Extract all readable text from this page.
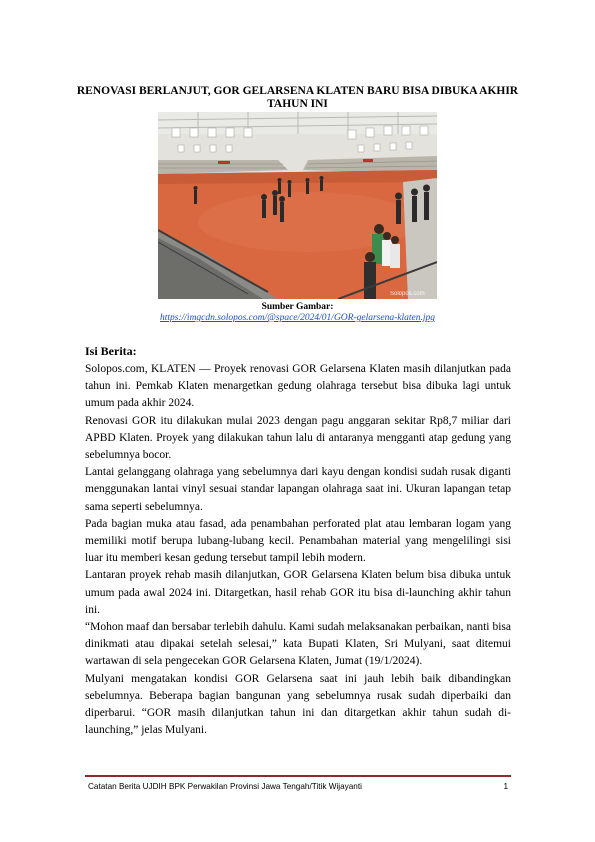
RENOVASI BERLANJUT, GOR GELARSENA KLATEN BARU BISA DIBUKA AKHIR TAHUN INI
Solopos.com
Sumber Gambar:
https://imgcdn.solopos.com/@space/2024/01/GOR-gelarsena-klaten.jpg
Isi Berita:

Solopos.com, KLATEN — Proyek renovasi GOR Gelarsena Klaten masih dilanjutkan pada tahun ini. Pemkab Klaten menargetkan gedung olahraga tersebut bisa dibuka lagi untuk umum pada akhir 2024.

Renovasi GOR itu dilakukan mulai 2023 dengan pagu anggaran sekitar Rp8,7 miliar dari APBD Klaten. Proyek yang dilakukan tahun lalu di antaranya mengganti atap gedung yang sebelumnya bocor.

Lantai gelanggang olahraga yang sebelumnya dari kayu dengan kondisi sudah rusak diganti menggunakan lantai vinyl sesuai standar lapangan olahraga saat ini. Ukuran lapangan tetap sama seperti sebelumnya.

Pada bagian muka atau fasad, ada penambahan perforated plat atau lembaran logam yang memiliki motif berupa lubang-lubang kecil. Penambahan material yang mengelilingi sisi luar itu memberi kesan gedung tersebut tampil lebih modern.

Lantaran proyek rehab masih dilanjutkan, GOR Gelarsena Klaten belum bisa dibuka untuk umum pada awal 2024 ini. Ditargetkan, hasil rehab GOR itu bisa di-launching akhir tahun ini.

“Mohon maaf dan bersabar terlebih dahulu. Kami sudah melaksanakan perbaikan, nanti bisa dinikmati atau dipakai setelah selesai,” kata Bupati Klaten, Sri Mulyani, saat ditemui wartawan di sela pengecekan GOR Gelarsena Klaten, Jumat (19/1/2024).

Mulyani mengatakan kondisi GOR Gelarsena saat ini jauh lebih baik dibandingkan sebelumnya. Beberapa bagian bangunan yang sebelumnya rusak sudah diperbaiki dan diperbarui. “GOR masih dilanjutkan tahun ini dan ditargetkan akhir tahun sudah di-launching,” jelas Mulyani.

Catatan Berita UJDIH BPK Perwakilan Provinsi Jawa Tengah/Titik Wijayanti	1
